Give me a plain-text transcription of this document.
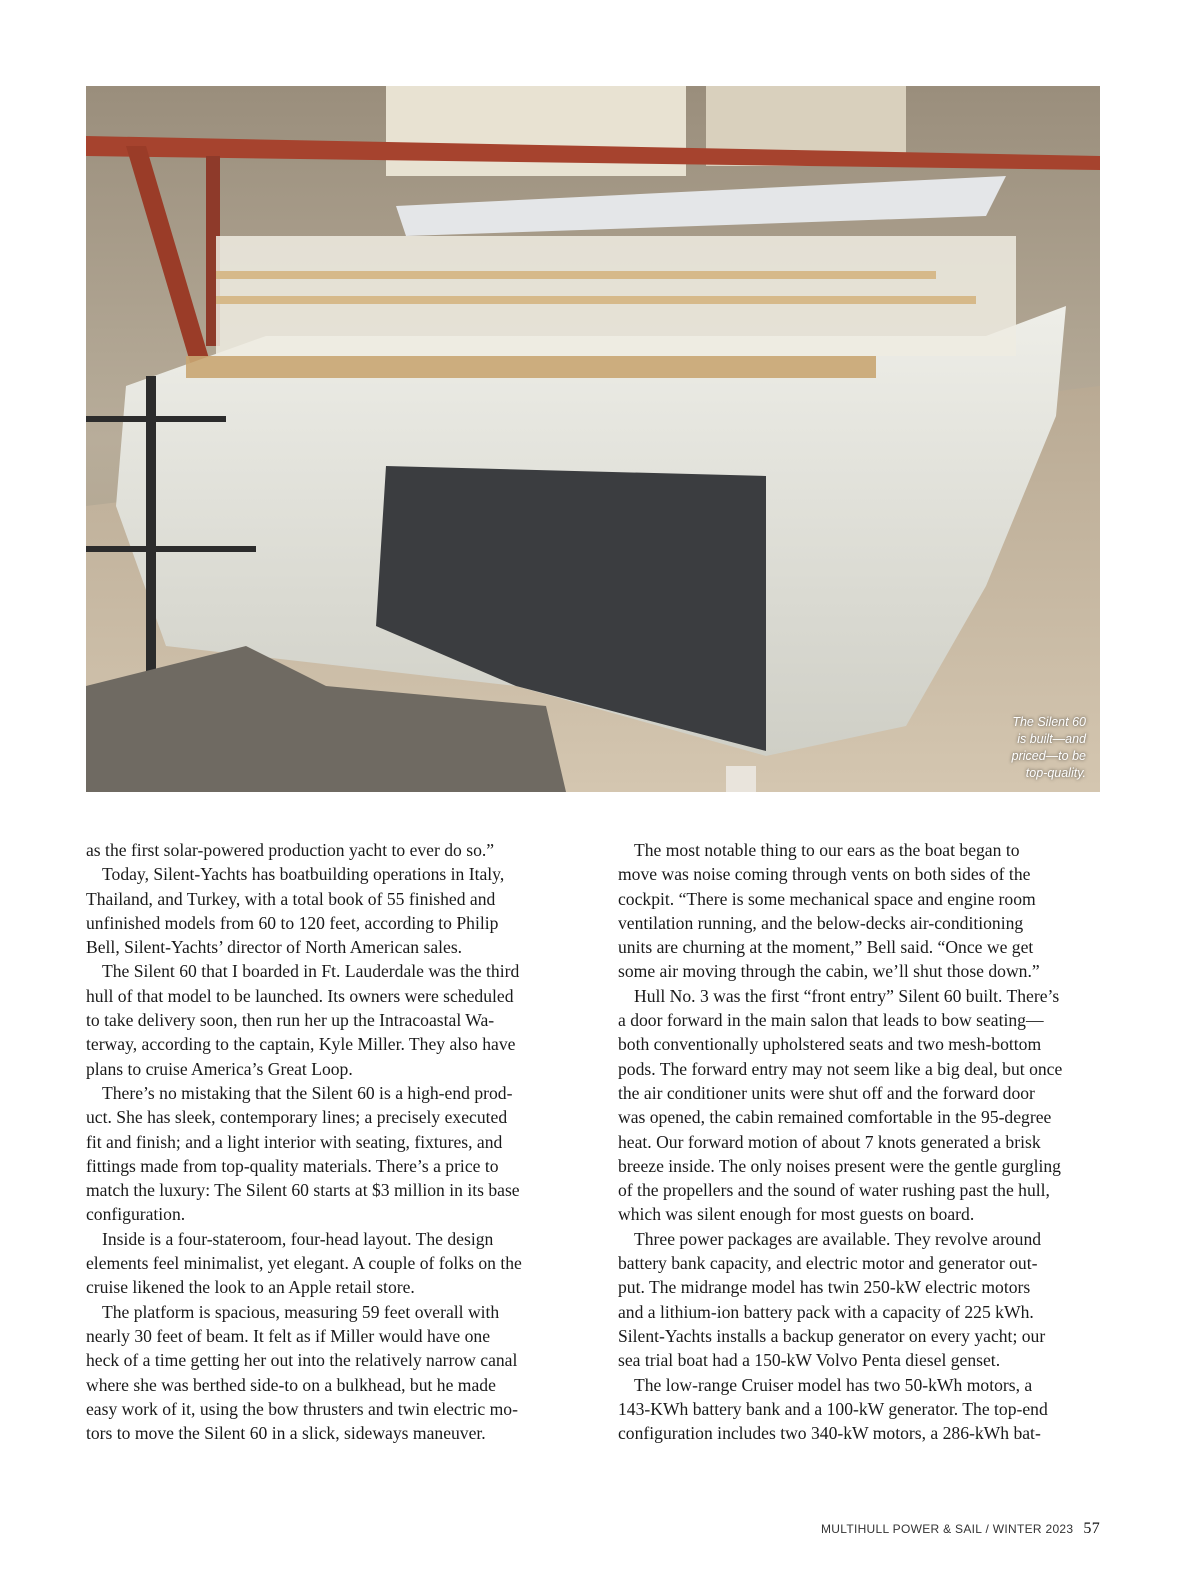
The Silent 60
is built—and
priced—to be
top-quality.
as the first solar-powered production yacht to ever do so.”
Today, Silent-Yachts has boatbuilding operations in Italy,
Thailand, and Turkey, with a total book of 55 finished and
unfinished models from 60 to 120 feet, according to Philip
Bell, Silent-Yachts’ director of North American sales.
The Silent 60 that I boarded in Ft. Lauderdale was the third
hull of that model to be launched. Its owners were scheduled
to take delivery soon, then run her up the Intracoastal Wa-
terway, according to the captain, Kyle Miller. They also have
plans to cruise America’s Great Loop.
There’s no mistaking that the Silent 60 is a high-end prod-
uct. She has sleek, contemporary lines; a precisely executed
fit and finish; and a light interior with seating, fixtures, and
fittings made from top-quality materials. There’s a price to
match the luxury: The Silent 60 starts at $3 million in its base
configuration.
Inside is a four-stateroom, four-head layout. The design
elements feel minimalist, yet elegant. A couple of folks on the
cruise likened the look to an Apple retail store.
The platform is spacious, measuring 59 feet overall with
nearly 30 feet of beam. It felt as if Miller would have one
heck of a time getting her out into the relatively narrow canal
where she was berthed side-to on a bulkhead, but he made
easy work of it, using the bow thrusters and twin electric mo-
tors to move the Silent 60 in a slick, sideways maneuver.
The most notable thing to our ears as the boat began to
move was noise coming through vents on both sides of the
cockpit. “There is some mechanical space and engine room
ventilation running, and the below-decks air-conditioning
units are churning at the moment,” Bell said. “Once we get
some air moving through the cabin, we’ll shut those down.”
Hull No. 3 was the first “front entry” Silent 60 built. There’s
a door forward in the main salon that leads to bow seating—
both conventionally upholstered seats and two mesh-bottom
pods. The forward entry may not seem like a big deal, but once
the air conditioner units were shut off and the forward door
was opened, the cabin remained comfortable in the 95-degree
heat. Our forward motion of about 7 knots generated a brisk
breeze inside. The only noises present were the gentle gurgling
of the propellers and the sound of water rushing past the hull,
which was silent enough for most guests on board.
Three power packages are available. They revolve around
battery bank capacity, and electric motor and generator out-
put. The midrange model has twin 250-kW electric motors
and a lithium-ion battery pack with a capacity of 225 kWh.
Silent-Yachts installs a backup generator on every yacht; our
sea trial boat had a 150-kW Volvo Penta diesel genset.
The low-range Cruiser model has two 50-kWh motors, a
143-KWh battery bank and a 100-kW generator. The top-end
configuration includes two 340-kW motors, a 286-kWh bat-
MULTIHULL POWER & SAIL / WINTER 2023 57
